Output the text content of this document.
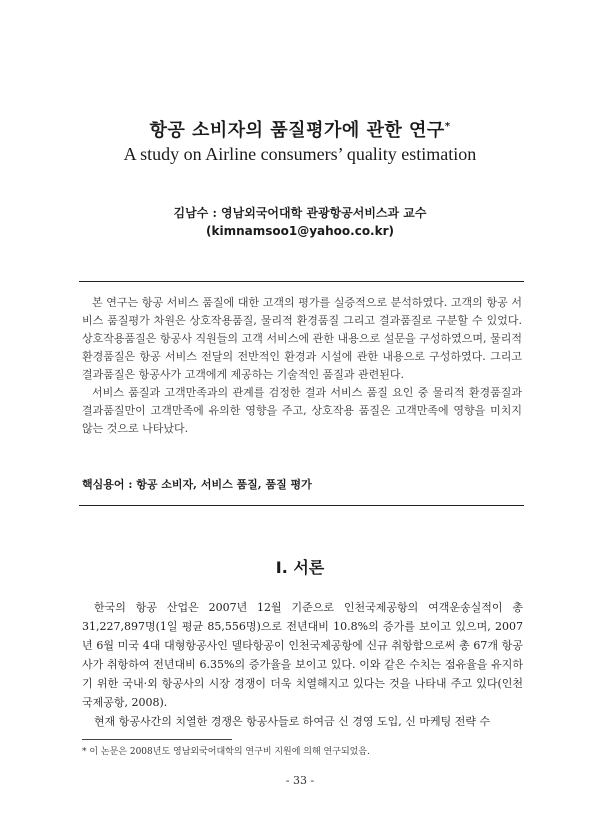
항공 소비자의 품질평가에 관한 연구*
A study on Airline consumers’ quality estimation
김남수 : 영남외국어대학 관광항공서비스과 교수
(kimnamsoo1@yahoo.co.kr)

본 연구는 항공 서비스 품질에 대한 고객의 평가를 실증적으로 분석하였다. 고객의 항공 서비스 품질평가 차원은 상호작용품질, 물리적 환경품질 그리고 결과품질로 구분할 수 있었다. 상호작용품질은 항공사 직원들의 고객 서비스에 관한 내용으로 설문을 구성하였으며, 물리적 환경품질은 항공 서비스 전달의 전반적인 환경과 시설에 관한 내용으로 구성하였다. 그리고 결과품질은 항공사가 고객에게 제공하는 기술적인 품질과 관련된다.

서비스 품질과 고객만족과의 관계를 검정한 결과 서비스 품질 요인 중 물리적 환경품질과 결과품질만이 고객만족에 유의한 영향을 주고, 상호작용 품질은 고객만족에 영향을 미치지 않는 것으로 나타났다.

핵심용어 : 항공 소비자, 서비스 품질, 품질 평가
Ⅰ. 서론

한국의 항공 산업은 2007년 12월 기준으로 인천국제공항의 여객운송실적이 총 31,227,897명(1일 평균 85,556명)으로 전년대비 10.8%의 증가를 보이고 있으며, 2007년 6월 미국 4대 대형항공사인 델타항공이 인천국제공항에 신규 취항함으로써 총 67개 항공사가 취항하여 전년대비 6.35%의 증가율을 보이고 있다. 이와 같은 수치는 점유율을 유지하기 위한 국내·외 항공사의 시장 경쟁이 더욱 치열해지고 있다는 것을 나타내 주고 있다(인천국제공항, 2008).

현재 항공사간의 치열한 경쟁은 항공사들로 하여금 신 경영 도입, 신 마케팅 전략 수

* 이 논문은 2008년도 영남외국어대학의 연구비 지원에 의해 연구되었음.
- 33 -
